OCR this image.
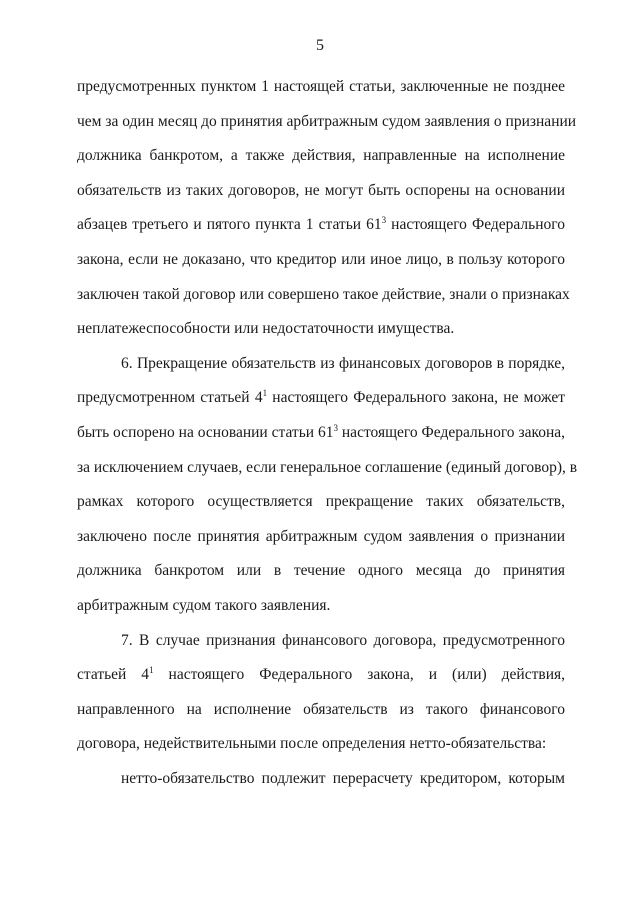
5
предусмотренных пунктом 1 настоящей статьи, заключенные не позднее
чем за один месяц до принятия арбитражным судом заявления о признании
должника банкротом, а также действия, направленные на исполнение
обязательств из таких договоров, не могут быть оспорены на основании
абзацев третьего и пятого пункта 1 статьи $61^3$ настоящего Федерального
закона, если не доказано, что кредитор или иное лицо, в пользу которого
заключен такой договор или совершено такое действие, знали о признаках
неплатежеспособности или недостаточности имущества.
6. Прекращение обязательств из финансовых договоров в порядке,
предусмотренном статьей $4^1$ настоящего Федерального закона, не может
быть оспорено на основании статьи $61^3$ настоящего Федерального закона,
за исключением случаев, если генеральное соглашение (единый договор), в
рамках которого осуществляется прекращение таких обязательств,
заключено после принятия арбитражным судом заявления о признании
должника банкротом или в течение одного месяца до принятия
арбитражным судом такого заявления.
7. В случае признания финансового договора, предусмотренного
статьей $4^1$ настоящего Федерального закона, и (или) действия,
направленного на исполнение обязательств из такого финансового
договора, недействительными после определения нетто-обязательства:
нетто-обязательство подлежит перерасчету кредитором, которым
